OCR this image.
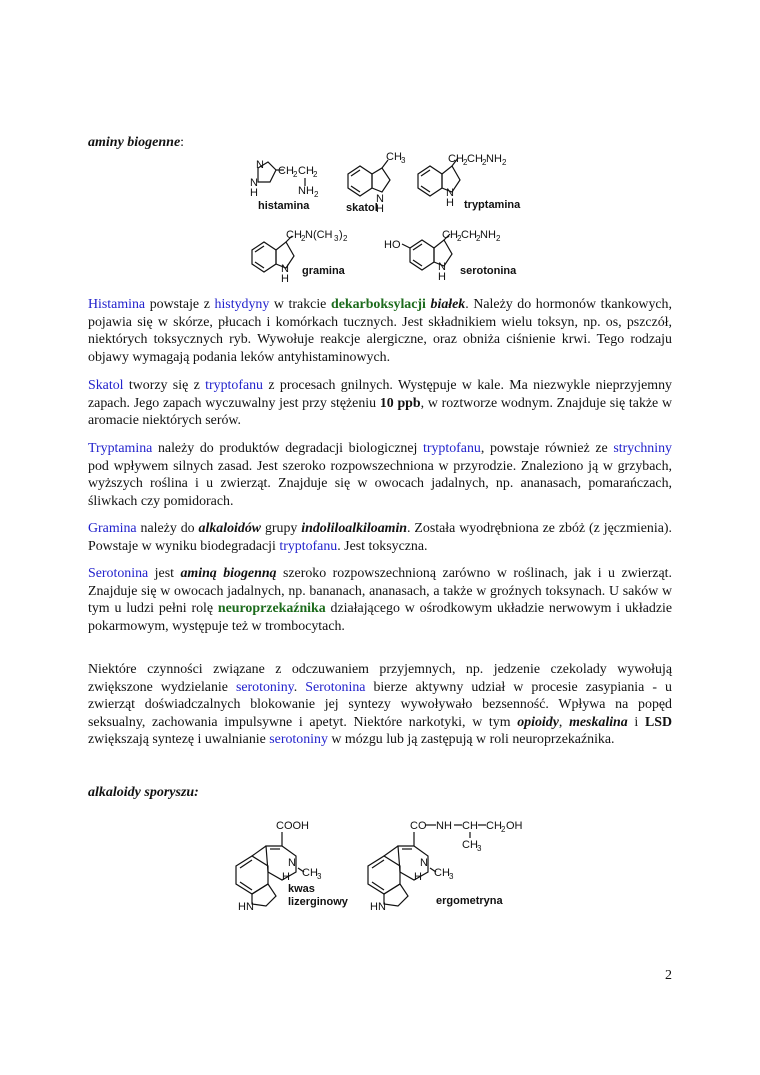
aminy biogenne:
N
N
H
CH 2 CH 2
NH 2
histamina
CH 3
N
H
skatol
CH 2 CH 2 NH 2
N
H tryptamina
CH 2 N(CH 3 ) 2
N
H
gramina
HO
CH 2 CH 2 NH 2
N
H serotonina

Histamina powstaje z histydyny w trakcie dekarboksylacji białek. Należy do hormonów tkankowych, pojawia się w skórze, płucach i komórkach tucznych. Jest składnikiem wielu toksyn, np. os, pszczół, niektórych toksycznych ryb. Wywołuje reakcje alergiczne, oraz obniża ciśnienie krwi. Tego rodzaju objawy wymagają podania leków antyhistaminowych.

Skatol tworzy się z tryptofanu z procesach gnilnych. Występuje w kale. Ma niezwykle nieprzyjemny zapach. Jego zapach wyczuwalny jest przy stężeniu 10 ppb, w roztworze wodnym. Znajduje się także w aromacie niektórych serów.

Tryptamina należy do produktów degradacji biologicznej tryptofanu, powstaje również ze strychniny pod wpływem silnych zasad. Jest szeroko rozpowszechniona w przyrodzie. Znaleziono ją w grzybach, wyższych roślina i u zwierząt. Znajduje się w owocach jadalnych, np. ananasach, pomarańczach, śliwkach czy pomidorach.

Gramina należy do alkaloidów grupy indoliloalkiloamin. Została wyodrębniona ze zbóż (z jęczmienia). Powstaje w wyniku biodegradacji tryptofanu. Jest toksyczna.

Serotonina jest aminą biogenną szeroko rozpowszechnioną zarówno w roślinach, jak i u zwierząt. Znajduje się w owocach jadalnych, np. bananach, ananasach, a także w groźnych toksynach. U saków w tym u ludzi pełni rolę neuroprzekaźnika działającego w ośrodkowym układzie nerwowym i układzie pokarmowym, występuje też w trombocytach.

Niektóre czynności związane z odczuwaniem przyjemnych, np. jedzenie czekolady wywołują zwiększone wydzielanie serotoniny. Serotonina bierze aktywny udział w procesie zasypiania - u zwierząt doświadczalnych blokowanie jej syntezy wywoływało bezsenność. Wpływa na popęd seksualny, zachowania impulsywne i apetyt. Niektóre narkotyki, w tym opioidy, meskalina i LSD zwiększają syntezę i uwalnianie serotoniny w mózgu lub ją zastępują w roli neuroprzekaźnika.

alkaloidy sporyszu:
COOH
N
CH 3
H
HN
kwas
lizerginowy
CO NH CH CH 2 OH
CH 3
N
CH 3
H
HN	ergometryna
2
